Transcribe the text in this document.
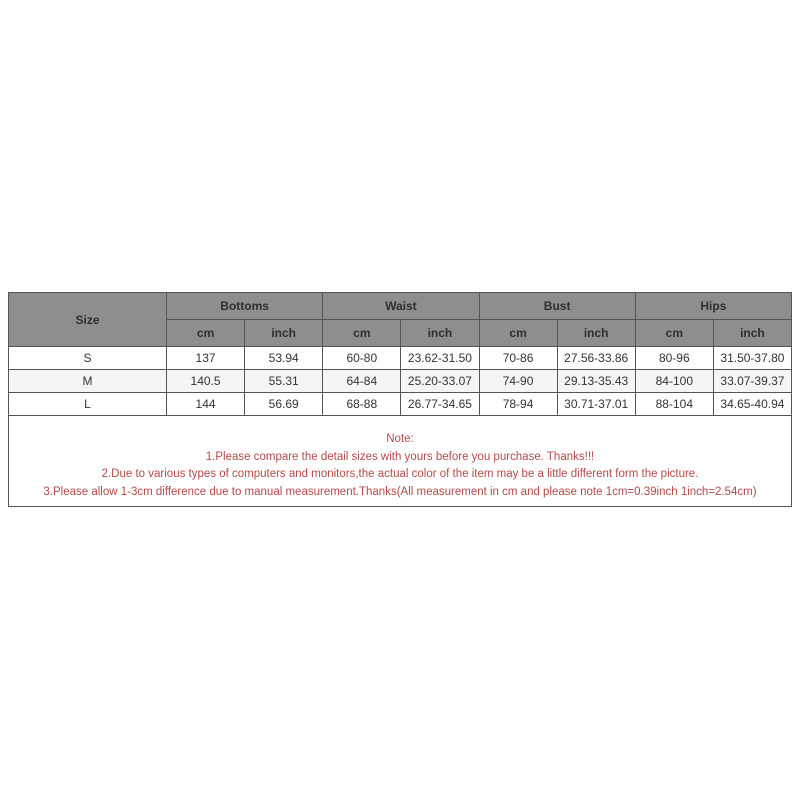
Size	Bottoms		Waist		Bust		Hips	
	cm	inch	cm	inch	cm	inch	cm	inch
S	137	53.94	60-80	23.62-31.50	70-86	27.56-33.86	80-96	31.50-37.80
M	140.5	55.31	64-84	25.20-33.07	74-90	29.13-35.43	84-100	33.07-39.37
L	144	56.69	68-88	26.77-34.65	78-94	30.71-37.01	88-104	34.65-40.94
Note:
1.Please compare the detail sizes with yours before you purchase. Thanks!!!
2.Due to various types of computers and monitors,the actual color of the item may be a little different form the picture.
3.Please allow 1-3cm difference due to manual measurement.Thanks(All measurement in cm and please note 1cm=0.39inch 1inch=2.54cm)
